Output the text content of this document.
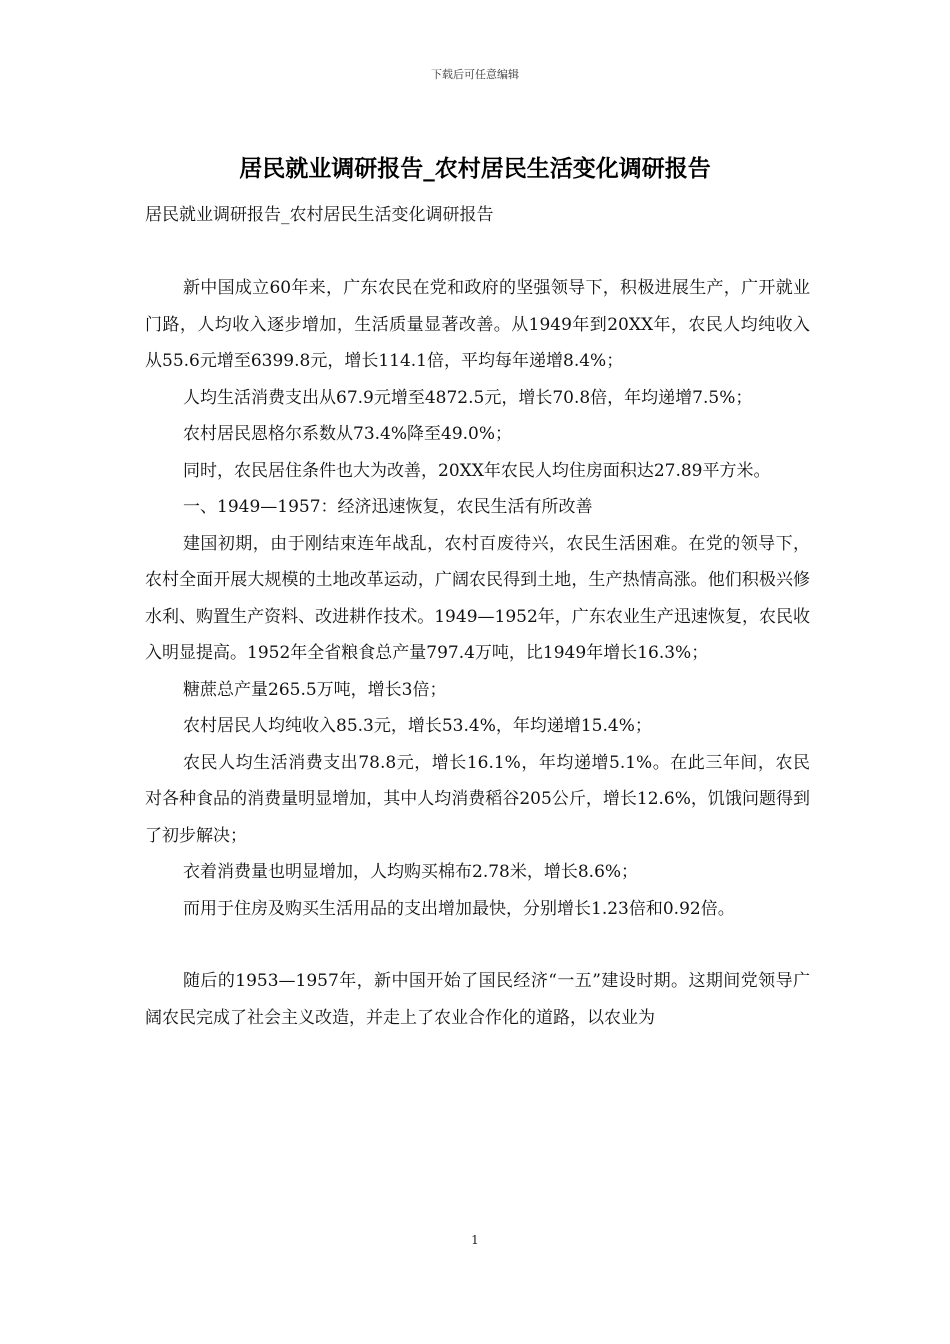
下载后可任意编辑
居民就业调研报告_农村居民生活变化调研报告
居民就业调研报告_农村居民生活变化调研报告

新中国成立60年来，广东农民在党和政府的坚强领导下，积极进展生产，广开就业门路，人均收入逐步增加，生活质量显著改善。从1949年到20XX年，农民人均纯收入从55.6元增至6399.8元，增长114.1倍，平均每年递增8.4%；

人均生活消费支出从67.9元增至4872.5元，增长70.8倍，年均递增7.5%；

农村居民恩格尔系数从73.4%降至49.0%；

同时，农民居住条件也大为改善，20XX年农民人均住房面积达27.89平方米。

一、1949—1957：经济迅速恢复，农民生活有所改善

建国初期，由于刚结束连年战乱，农村百废待兴，农民生活困难。在党的领导下，农村全面开展大规模的土地改革运动，广阔农民得到土地，生产热情高涨。他们积极兴修水利、购置生产资料、改进耕作技术。1949—1952年，广东农业生产迅速恢复，农民收入明显提高。1952年全省粮食总产量797.4万吨，比1949年增长16.3%；

糖蔗总产量265.5万吨，增长3倍；

农村居民人均纯收入85.3元，增长53.4%，年均递增15.4%；

农民人均生活消费支出78.8元，增长16.1%，年均递增5.1%。在此三年间，农民对各种食品的消费量明显增加，其中人均消费稻谷205公斤，增长12.6%，饥饿问题得到了初步解决；

衣着消费量也明显增加，人均购买棉布2.78米，增长8.6%；

而用于住房及购买生活用品的支出增加最快，分别增长1.23倍和0.92倍。

随后的1953—1957年，新中国开始了国民经济“一五”建设时期。这期间党领导广阔农民完成了社会主义改造，并走上了农业合作化的道路，以农业为

1
